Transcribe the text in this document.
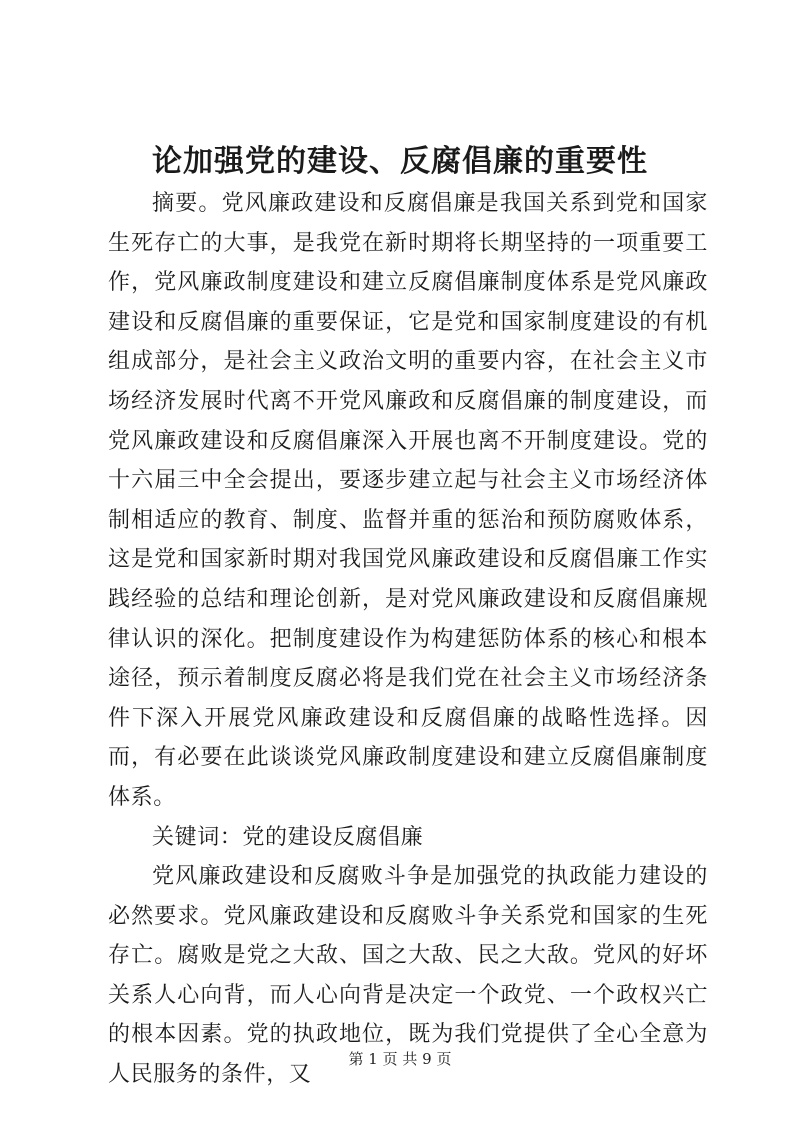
论加强党的建设、反腐倡廉的重要性

摘要。党风廉政建设和反腐倡廉是我国关系到党和国家生死存亡的大事，是我党在新时期将长期坚持的一项重要工作，党风廉政制度建设和建立反腐倡廉制度体系是党风廉政建设和反腐倡廉的重要保证，它是党和国家制度建设的有机组成部分，是社会主义政治文明的重要内容，在社会主义市场经济发展时代离不开党风廉政和反腐倡廉的制度建设，而党风廉政建设和反腐倡廉深入开展也离不开制度建设。党的十六届三中全会提出，要逐步建立起与社会主义市场经济体制相适应的教育、制度、监督并重的惩治和预防腐败体系，这是党和国家新时期对我国党风廉政建设和反腐倡廉工作实践经验的总结和理论创新，是对党风廉政建设和反腐倡廉规律认识的深化。把制度建设作为构建惩防体系的核心和根本途径，预示着制度反腐必将是我们党在社会主义市场经济条件下深入开展党风廉政建设和反腐倡廉的战略性选择。因而，有必要在此谈谈党风廉政制度建设和建立反腐倡廉制度体系。

关键词：党的建设反腐倡廉

党风廉政建设和反腐败斗争是加强党的执政能力建设的必然要求。党风廉政建设和反腐败斗争关系党和国家的生死存亡。腐败是党之大敌、国之大敌、民之大敌。党风的好坏关系人心向背，而人心向背是决定一个政党、一个政权兴亡的根本因素。党的执政地位，既为我们党提供了全心全意为人民服务的条件，又

第 1 页 共 9 页
